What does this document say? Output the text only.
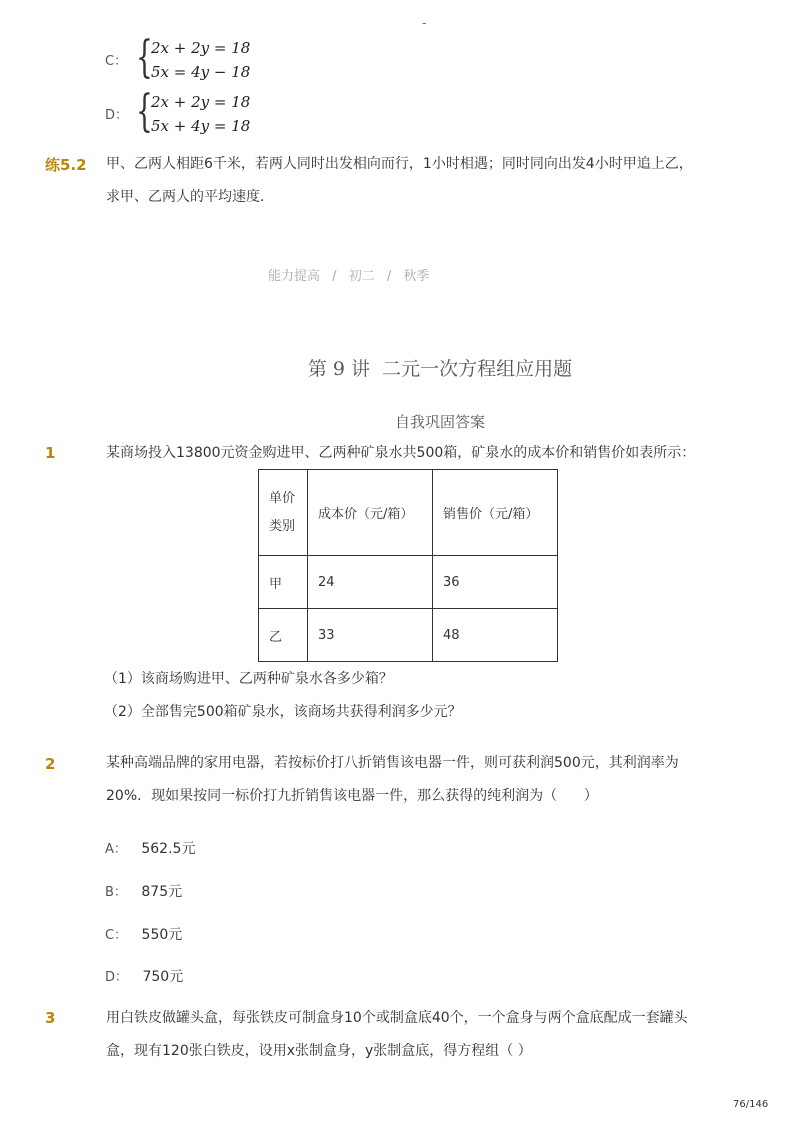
-
C： {
2x + 2y = 18
5x = 4y − 18
D： {
2x + 2y = 18
5x + 4y = 18
练5.2 甲、乙两人相距6千米，若两人同时出发相向而行，1小时相遇；同时同向出发4小时甲追上乙，
求甲、乙两人的平均速度．
能力提高 / 初二 / 秋季
第 9 讲  二元一次方程组应用题
自我巩固答案
1	某商场投入13800元资金购进甲、乙两种矿泉水共500箱，矿泉水的成本价和销售价如表所示：
单价
类别	成本价（元/箱）	销售价（元/箱）
甲	24	36
乙	33	48
（1）该商场购进甲、乙两种矿泉水各多少箱？
（2）全部售完500箱矿泉水，该商场共获得利润多少元？
2	某种高端品牌的家用电器，若按标价打八折销售该电器一件，则可获利润500元，其利润率为
20%．现如果按同一标价打九折销售该电器一件，那么获得的纯利润为（      ）
A： 562.5元
B： 875元
C： 550元
D： 750元
3	用白铁皮做罐头盒，每张铁皮可制盒身10个或制盒底40个，一个盒身与两个盒底配成一套罐头
盒，现有120张白铁皮，设用x张制盒身，y张制盒底，得方程组（ ）
76/146
